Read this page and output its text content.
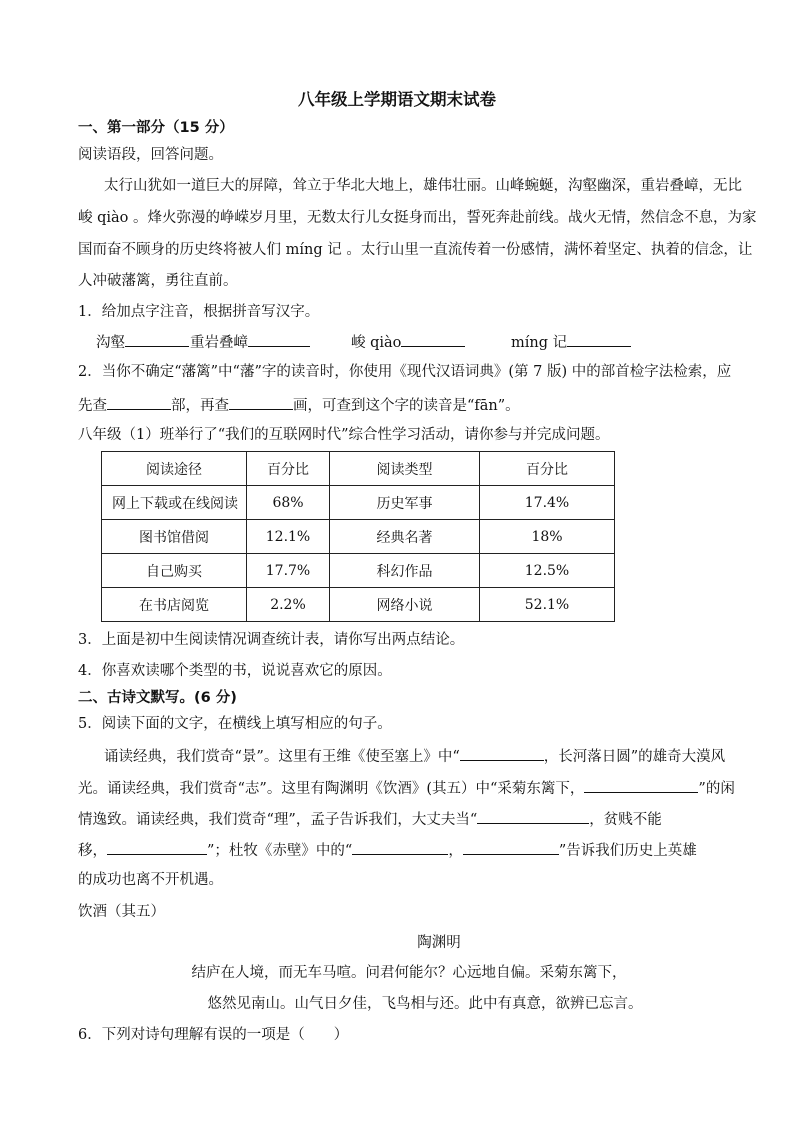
八年级上学期语文期末试卷
一、第一部分（15 分）
阅读语段，回答问题。
太行山犹如一道巨大的屏障，耸立于华北大地上，雄伟壮丽。山峰蜿蜒，沟壑幽深，重岩叠嶂，无比
峻 qiào 。烽火弥漫的峥嵘岁月里，无数太行儿女挺身而出，誓死奔赴前线。战火无情，然信念不息，为家
国而奋不顾身的历史终将被人们 míng 记 。太行山里一直流传着一份感情，满怀着坚定、执着的信念，让
人冲破藩篱，勇往直前。
1．给加点字注音，根据拼音写汉字。
沟壑	重岩叠嶂	峻 qiào	míng 记
2．当你不确定“藩篱”中“藩”字的读音时，你使用《现代汉语词典》(第 7 版) 中的部首检字法检索，应
先查	部，再查	画，可查到这个字的读音是“fān”。
八年级（1）班举行了“我们的互联网时代”综合性学习活动，请你参与并完成问题。
阅读途径	百分比	阅读类型	百分比
网上下载或在线阅读	68%	历史军事	17.4%
图书馆借阅	12.1%	经典名著	18%
自己购买	17.7%	科幻作品	12.5%
在书店阅览	2.2%	网络小说	52.1%
3．上面是初中生阅读情况调查统计表，请你写出两点结论。
4．你喜欢读哪个类型的书，说说喜欢它的原因。
二、古诗文默写。(6 分)
5．阅读下面的文字，在横线上填写相应的句子。
诵读经典，我们赏奇“景”。这里有王维《使至塞上》中“	，长河落日圆”的雄奇大漠风
光。诵读经典，我们赏奇“志”。这里有陶渊明《饮酒》(其五）中“采菊东篱下，	”的闲
情逸致。诵读经典，我们赏奇“理”，孟子告诉我们，大丈夫当“	，贫贱不能
移，	”；杜牧《赤壁》中的“	，	”告诉我们历史上英雄
的成功也离不开机遇。
饮酒（其五）
陶渊明
结庐在人境，而无车马喧。问君何能尔？心远地自偏。采菊东篱下，
悠然见南山。山气日夕佳，飞鸟相与还。此中有真意，欲辨已忘言。
6．下列对诗句理解有误的一项是（　　）
